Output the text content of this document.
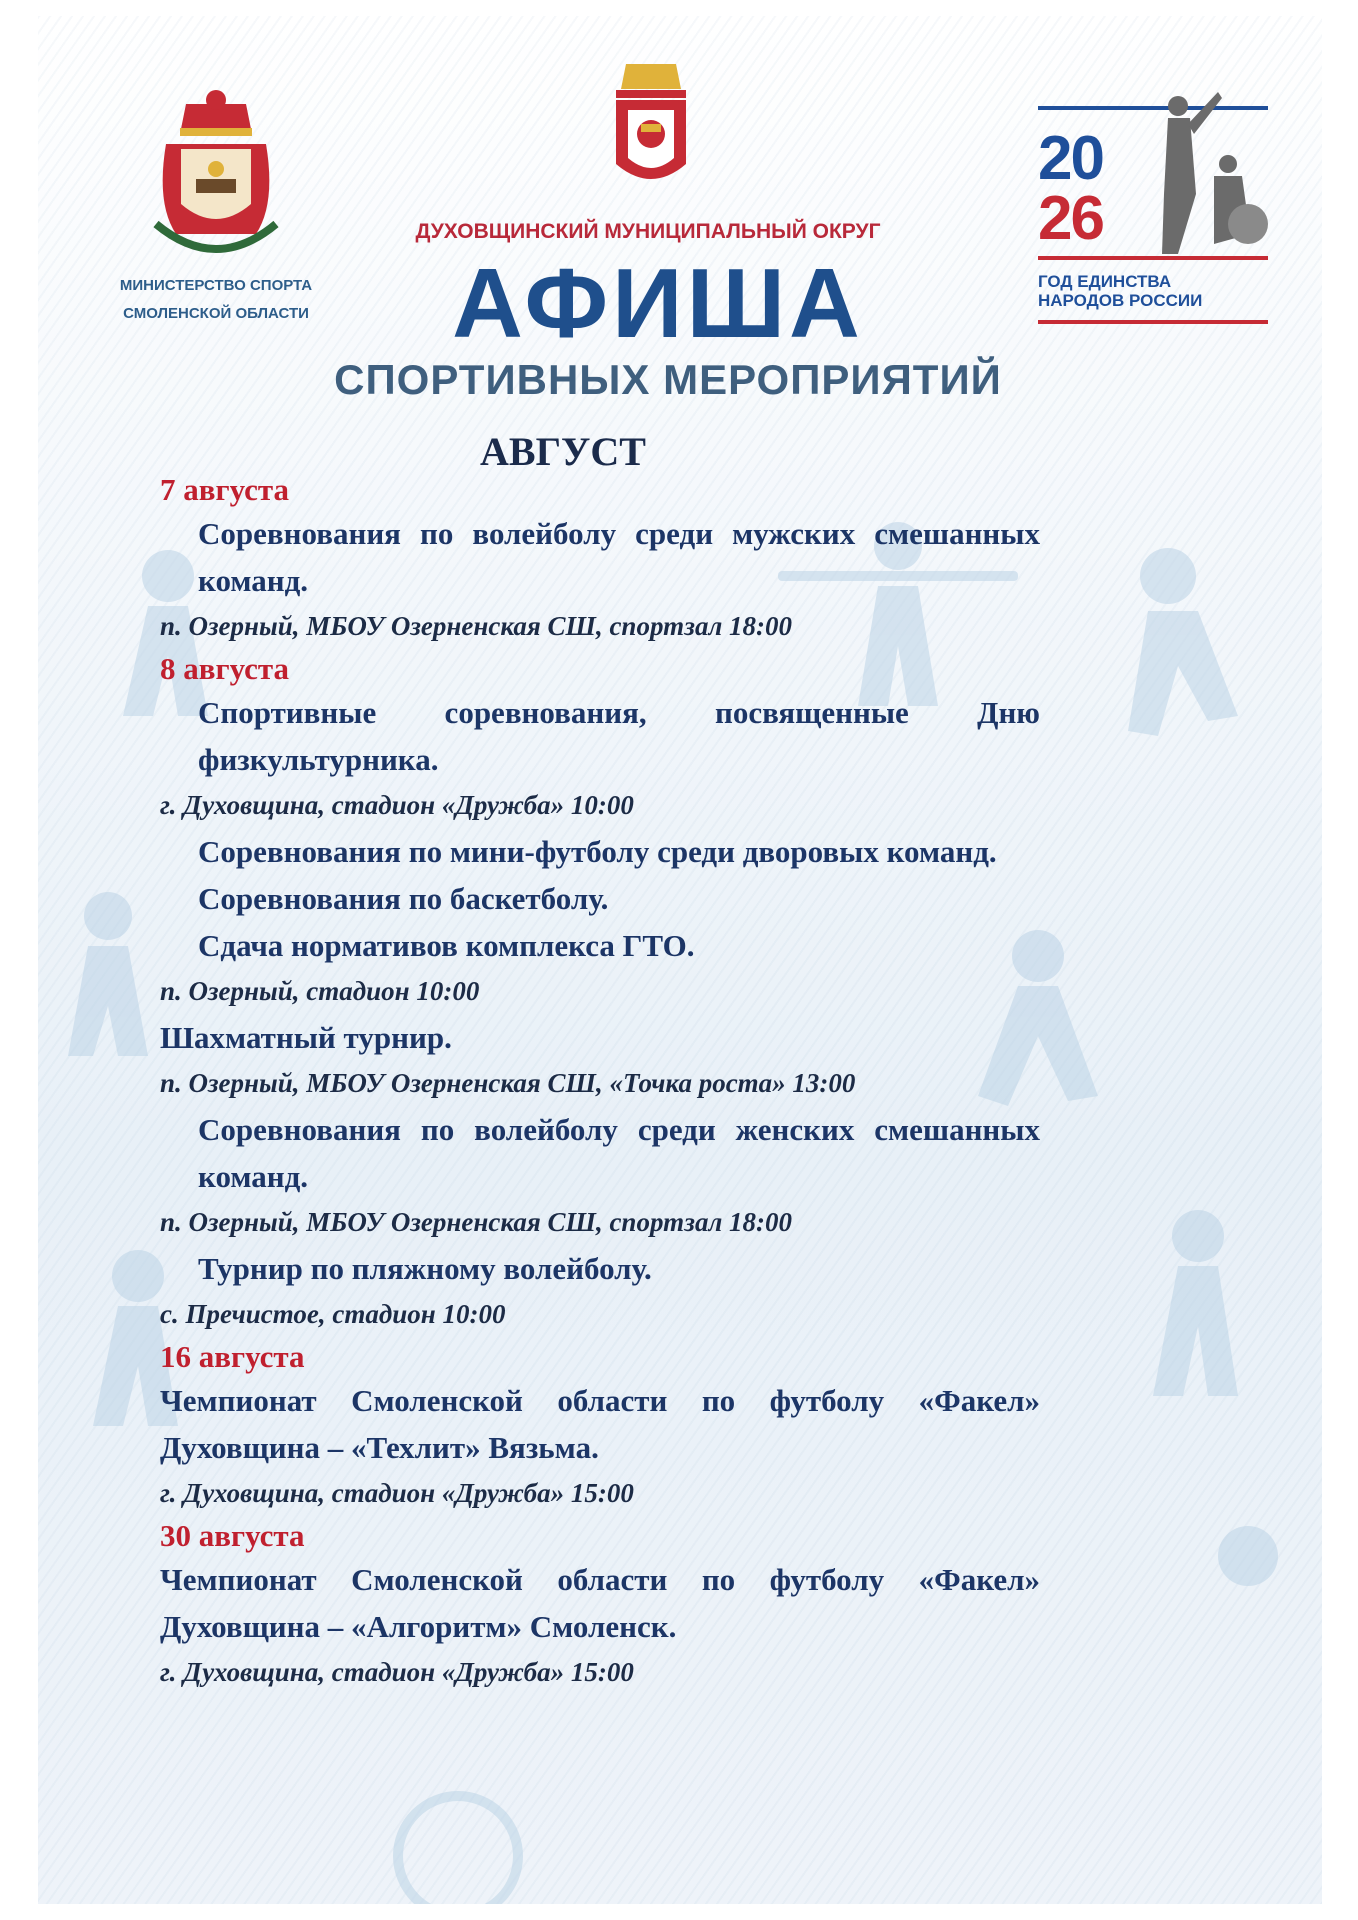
МИНИСТЕРСТВО СПОРТА
СМОЛЕНСКОЙ ОБЛАСТИ
ДУХОВЩИНСКИЙ МУНИЦИПАЛЬНЫЙ ОКРУГ
АФИША
СПОРТИВНЫХ МЕРОПРИЯТИЙ
20
26
ГОД ЕДИНСТВА
НАРОДОВ РОССИИ
АВГУСТ
7 августа
Соревнования по волейболу среди мужских смешанных команд.
п. Озерный, МБОУ Озерненская СШ, спортзал 18:00
8 августа
Спортивные соревнования, посвященные Дню физкультурника.
г. Духовщина, стадион «Дружба» 10:00
Соревнования по мини-футболу среди дворовых команд.
Соревнования по баскетболу.
Сдача нормативов комплекса ГТО.
п. Озерный, стадион 10:00
Шахматный турнир.
п. Озерный, МБОУ Озерненская СШ, «Точка роста» 13:00
Соревнования по волейболу среди женских смешанных команд.
п. Озерный, МБОУ Озерненская СШ, спортзал 18:00
Турнир по пляжному волейболу.
с. Пречистое, стадион 10:00
16 августа
Чемпионат Смоленской области по футболу «Факел» Духовщина – «Техлит» Вязьма.
г. Духовщина, стадион «Дружба» 15:00
30 августа
Чемпионат Смоленской области по футболу «Факел» Духовщина – «Алгоритм» Смоленск.
г. Духовщина, стадион «Дружба» 15:00
